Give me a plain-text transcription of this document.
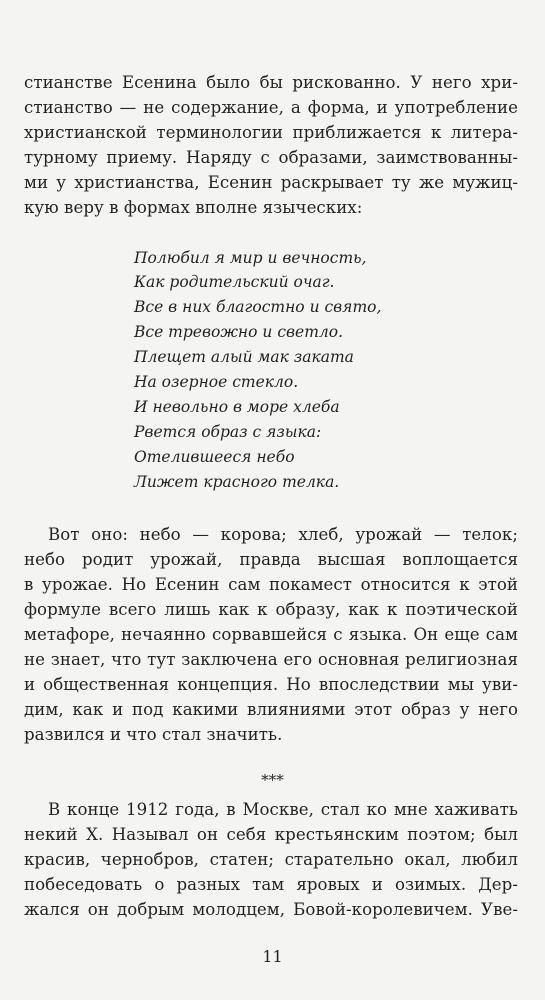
стианстве Есенина было бы рискованно. У него хри-
стианство — не содержание, а форма, и употребление
христианской терминологии приближается к литера-
турному приему. Наряду с образами, заимствованны-
ми у христианства, Есенин раскрывает ту же мужиц-
кую веру в формах вполне языческих:
Полюбил я мир и вечность,
Как родительский очаг.
Все в них благостно и свято,
Все тревожно и светло.
Плещет алый мак заката
На озерное стекло.
И невольно в море хлеба
Рвется образ с языка:
Отелившееся небо
Лижет красного телка.
Вот оно: небо — корова; хлеб, урожай — телок;
небо родит урожай, правда высшая воплощается
в урожае. Но Есенин сам покамест относится к этой
формуле всего лишь как к образу, как к поэтической
метафоре, нечаянно сорвавшейся с языка. Он еще сам
не знает, что тут заключена его основная религиозная
и общественная концепция. Но впоследствии мы уви-
дим, как и под какими влияниями этот образ у него
развился и что стал значить.
***
В конце 1912 года, в Москве, стал ко мне хаживать
некий X. Называл он себя крестьянским поэтом; был
красив, чернобров, статен; старательно окал, любил
побеседовать о разных там яровых и озимых. Дер-
жался он добрым молодцем, Бовой-королевичем. Уве-
11
